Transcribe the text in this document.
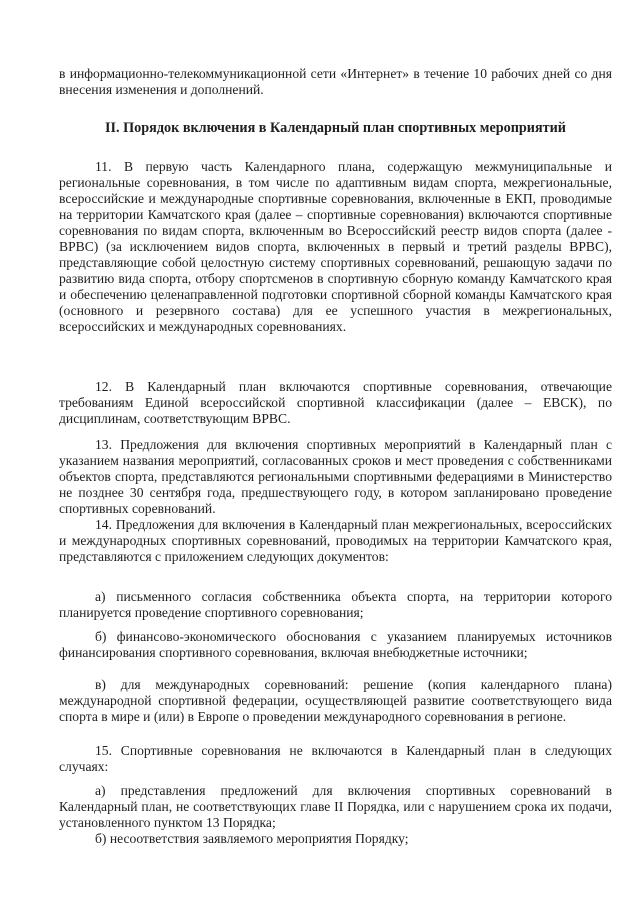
в информационно-телекоммуникационной сети «Интернет» в течение 10 рабочих дней со дня внесения изменения и дополнений.
II. Порядок включения в Календарный план спортивных мероприятий
11. В первую часть Календарного плана, содержащую межмуниципальные и региональные соревнования, в том числе по адаптивным видам спорта, межрегиональные, всероссийские и международные спортивные соревнования, включенные в ЕКП, проводимые на территории Камчатского края (далее – спортивные соревнования) включаются спортивные соревнования по видам спорта, включенным во Всероссийский реестр видов спорта (далее - ВРВС) (за исключением видов спорта, включенных в первый и третий разделы ВРВС), представляющие собой целостную систему спортивных соревнований, решающую задачи по развитию вида спорта, отбору спортсменов в спортивную сборную команду Камчатского края и обеспечению целенаправленной подготовки спортивной сборной команды Камчатского края (основного и резервного состава) для ее успешного участия в межрегиональных, всероссийских и международных соревнованиях.
12. В Календарный план включаются спортивные соревнования, отвечающие требованиям Единой всероссийской спортивной классификации (далее – ЕВСК), по дисциплинам, соответствующим ВРВС.
13. Предложения для включения спортивных мероприятий в Календарный план с указанием названия мероприятий, согласованных сроков и мест проведения с собственниками объектов спорта, представляются региональными спортивными федерациями в Министерство не позднее 30 сентября года, предшествующего году, в котором запланировано проведение спортивных соревнований.
14. Предложения для включения в Календарный план межрегиональных, всероссийских и международных спортивных соревнований, проводимых на территории Камчатского края, представляются с приложением следующих документов:
а) письменного согласия собственника объекта спорта, на территории которого планируется проведение спортивного соревнования;
б) финансово-экономического обоснования с указанием планируемых источников финансирования спортивного соревнования, включая внебюджетные источники;
в) для международных соревнований: решение (копия календарного плана) международной спортивной федерации, осуществляющей развитие соответствующего вида спорта в мире и (или) в Европе о проведении международного соревнования в регионе.
15. Спортивные соревнования не включаются в Календарный план в следующих случаях:
а) представления предложений для включения спортивных соревнований в Календарный план, не соответствующих главе II Порядка, или с нарушением срока их подачи, установленного пунктом 13 Порядка;
б) несоответствия заявляемого мероприятия Порядку;
